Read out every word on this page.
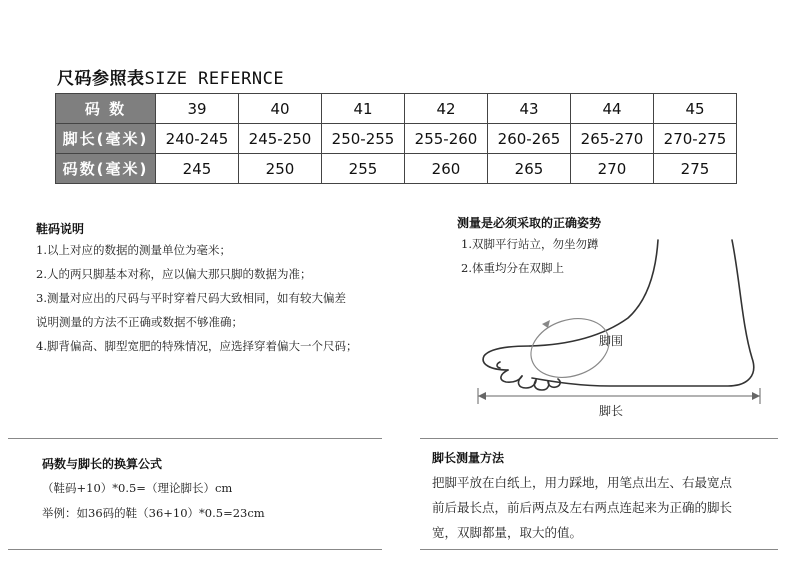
尺码参照表SIZE REFERNCE
码 数	39	40	41	42	43	44	45
脚长(毫米)	240-245	245-250	250-255	255-260	260-265	265-270	270-275
码数(毫米)	245	250	255	260	265	270	275
鞋码说明
1.以上对应的数据的测量单位为毫米；
2.人的两只脚基本对称，应以偏大那只脚的数据为准；
3.测量对应出的尺码与平时穿着尺码大致相同，如有较大偏差
说明测量的方法不正确或数据不够准确；
4.脚背偏高、脚型宽肥的特殊情况，应选择穿着偏大一个尺码；
测量是必须采取的正确姿势
1.双脚平行站立，勿坐勿蹲
2.体重均分在双脚上
脚围
脚长
码数与脚长的换算公式
（鞋码+10）*0.5=（理论脚长）cm
举例：如36码的鞋（36+10）*0.5=23cm
脚长测量方法
把脚平放在白纸上，用力踩地，用笔点出左、右最宽点
前后最长点，前后两点及左右两点连起来为正确的脚长
宽，双脚都量，取大的值。
